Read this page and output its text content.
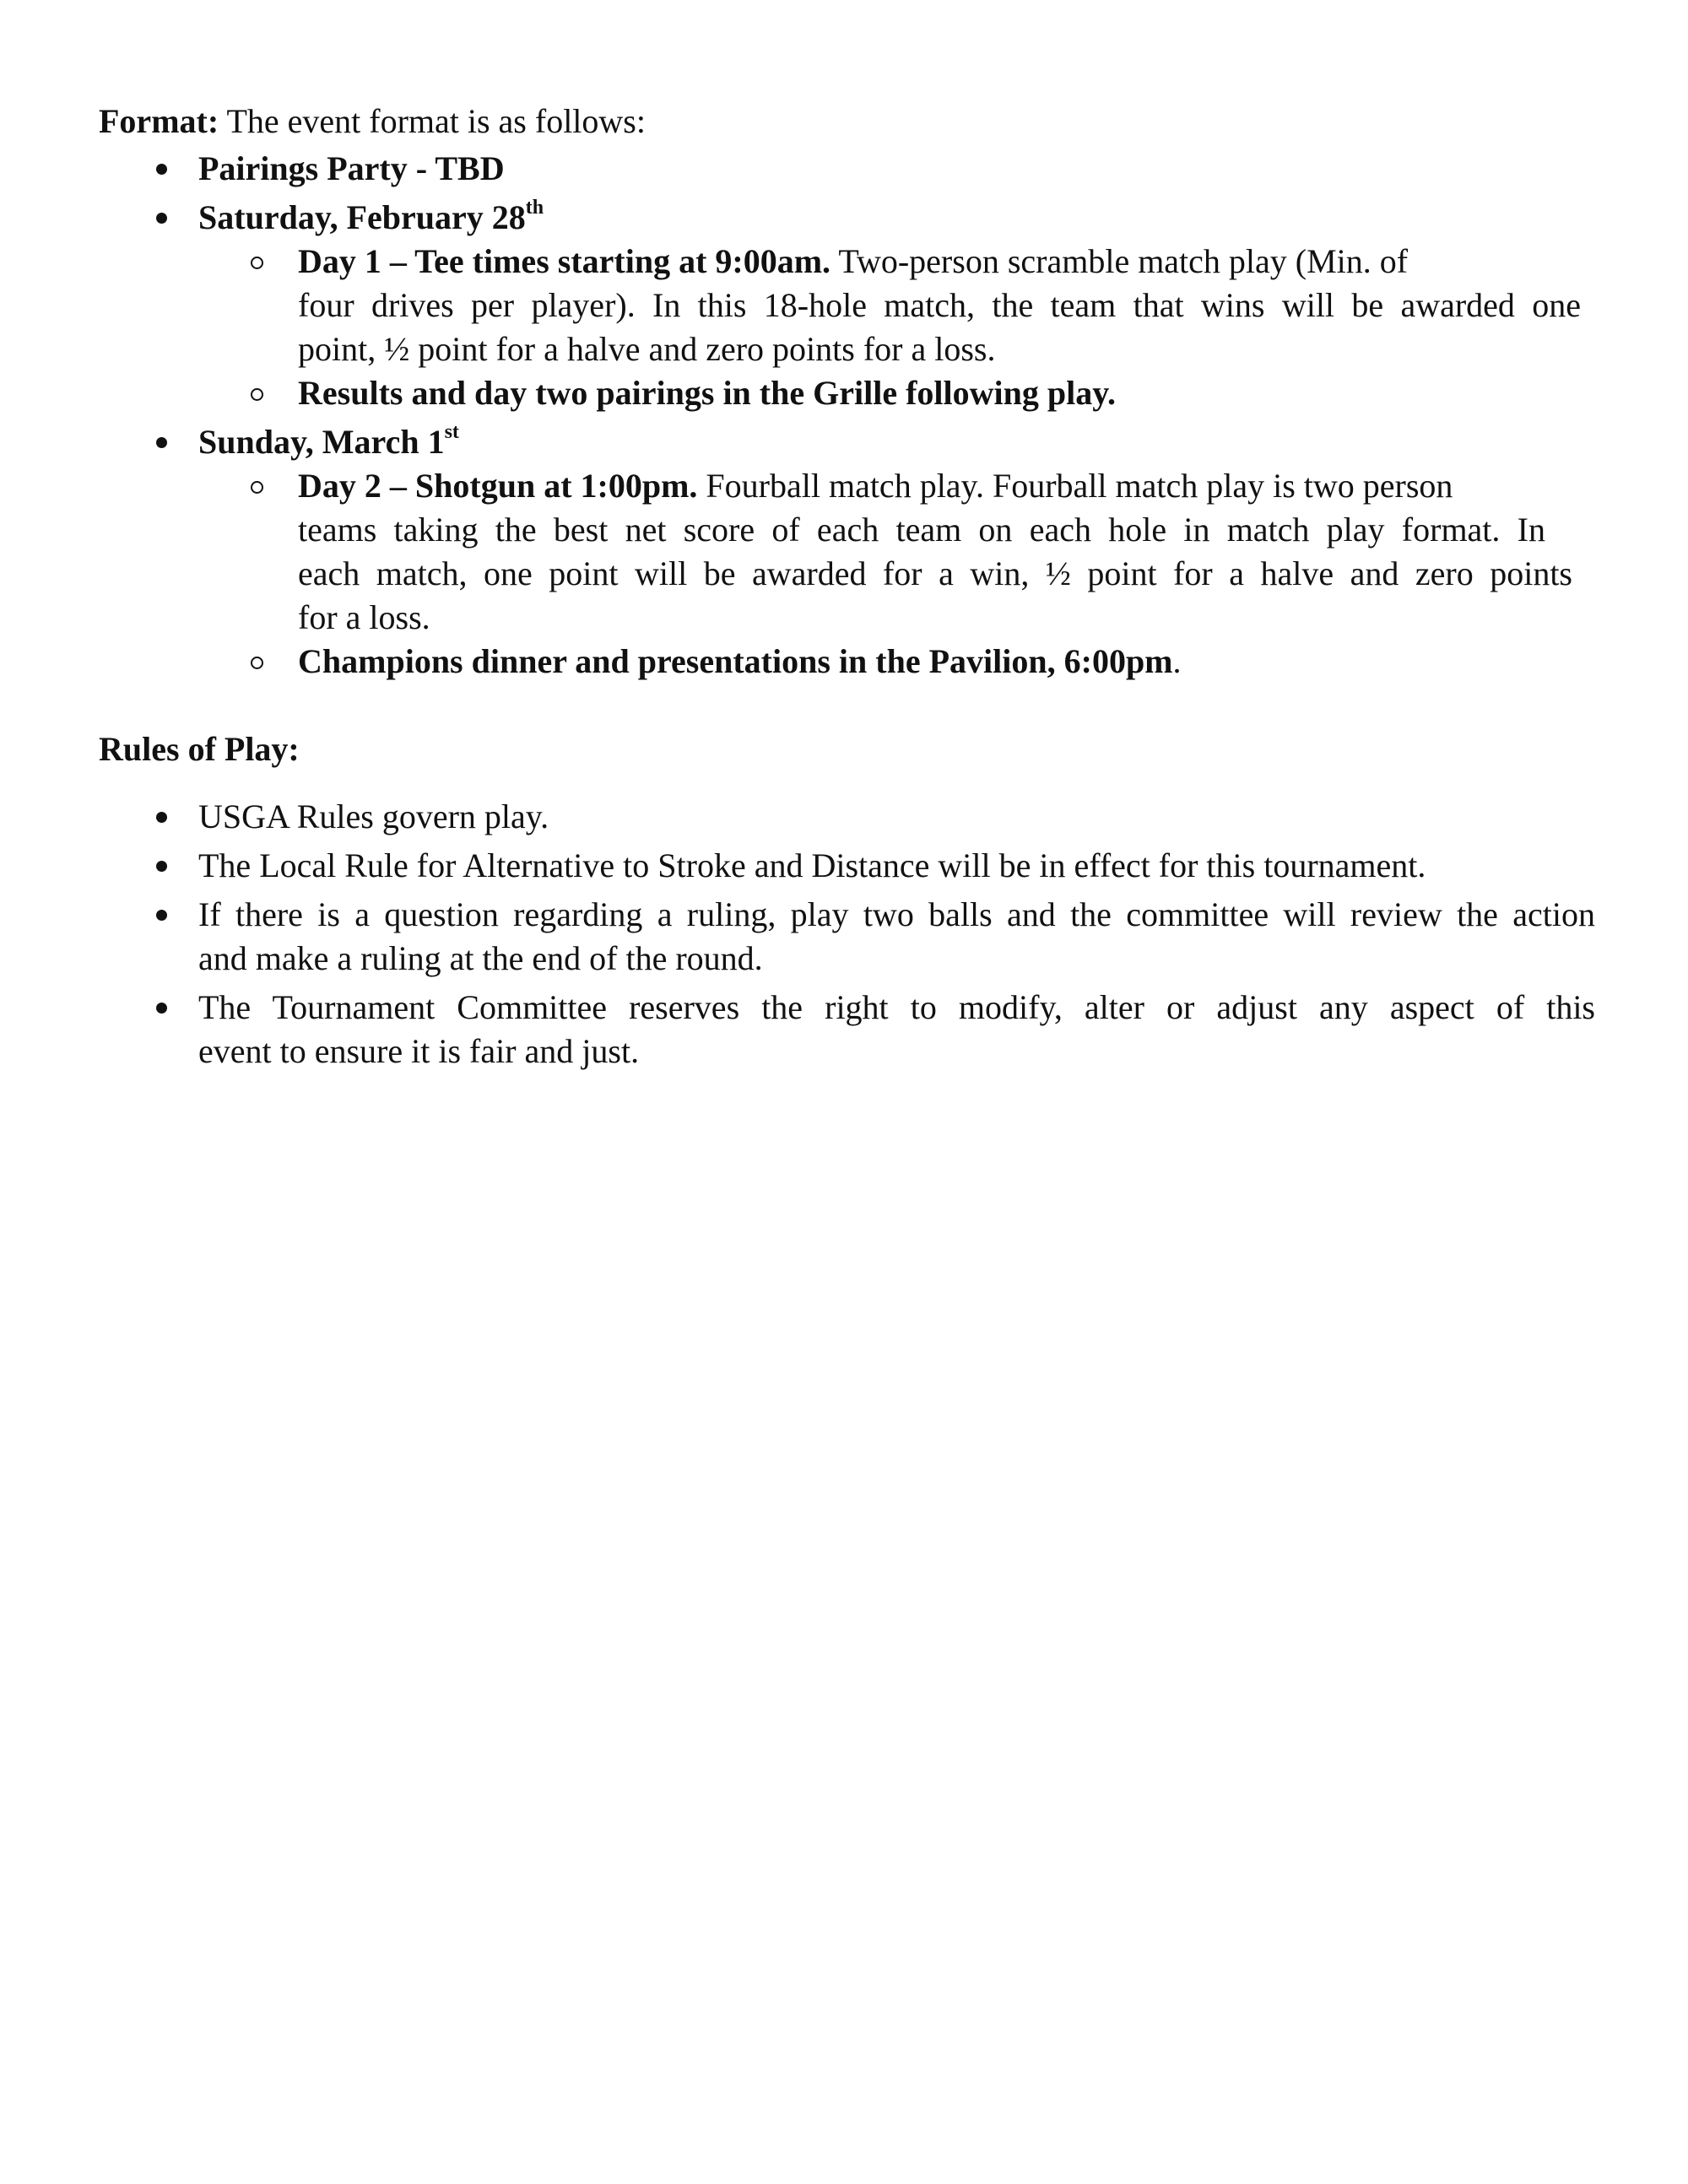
Format: The event format is as follows:
Pairings Party - TBD
Saturday, February 28th
Day 1 – Tee times starting at 9:00am. Two-person scramble match play (Min. of
four drives per player). In this 18-hole match, the team that wins will be awarded one
point, ½ point for a halve and zero points for a loss.
Results and day two pairings in the Grille following play.
Sunday, March 1st
Day 2 – Shotgun at 1:00pm. Fourball match play. Fourball match play is two person
teams taking the best net score of each team on each hole in match play format. In
each match, one point will be awarded for a win, ½ point for a halve and zero points
for a loss.
Champions dinner and presentations in the Pavilion, 6:00pm.
Rules of Play:
USGA Rules govern play.
The Local Rule for Alternative to Stroke and Distance will be in effect for this tournament.
If there is a question regarding a ruling, play two balls and the committee will review the action
and make a ruling at the end of the round.
The Tournament Committee reserves the right to modify, alter or adjust any aspect of this
event to ensure it is fair and just.
